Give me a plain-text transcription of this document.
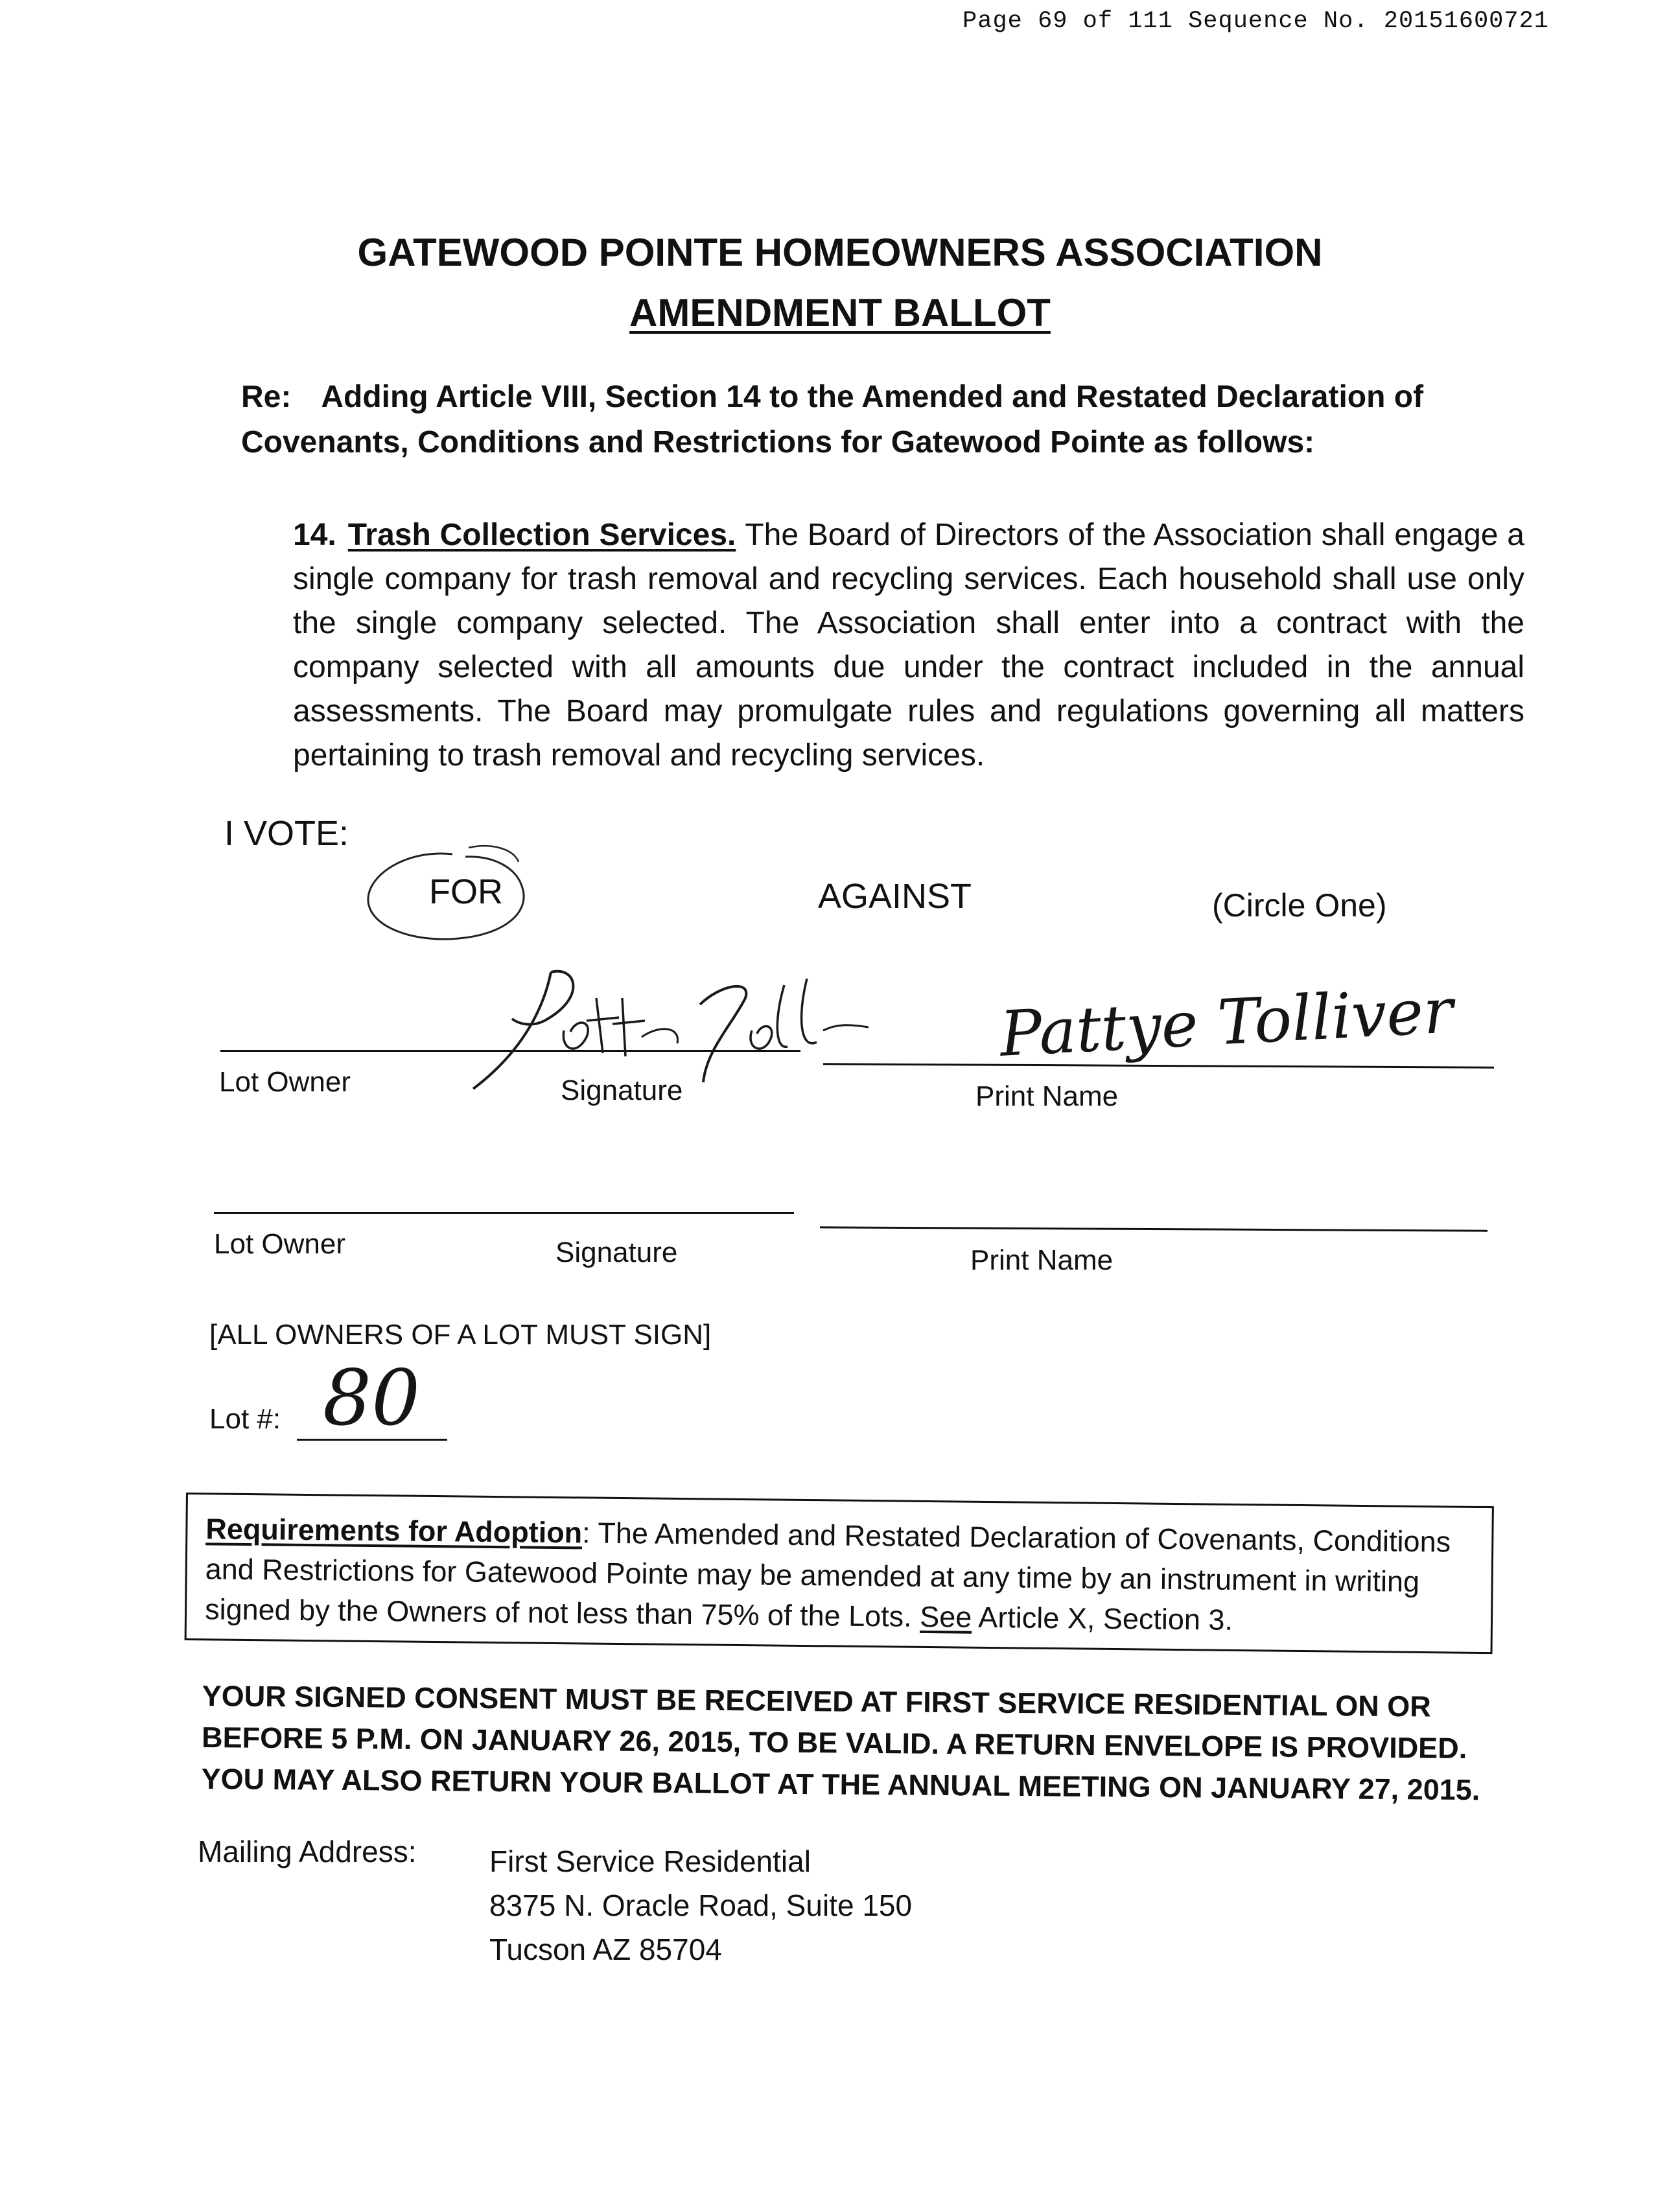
Page 69 of 111 Sequence No. 20151600721
GATEWOOD POINTE HOMEOWNERS ASSOCIATION
AMENDMENT BALLOT
Re: Adding Article VIII, Section 14 to the Amended and Restated Declaration of Covenants, Conditions and Restrictions for Gatewood Pointe as follows:
14. Trash Collection Services. The Board of Directors of the Association shall engage a single company for trash removal and recycling services. Each household shall use only the single company selected. The Association shall enter into a contract with the company selected with all amounts due under the contract included in the annual assessments. The Board may promulgate rules and regulations governing all matters pertaining to trash removal and recycling services.
I VOTE:
FOR	AGAINST	(Circle One)
Lot Owner	Signature	Print Name
Pattye Tolliver
Lot Owner	Signature	Print Name
[ALL OWNERS OF A LOT MUST SIGN]
Lot #: 80
Requirements for Adoption: The Amended and Restated Declaration of Covenants, Conditions and Restrictions for Gatewood Pointe may be amended at any time by an instrument in writing signed by the Owners of not less than 75% of the Lots. See Article X, Section 3.
YOUR SIGNED CONSENT MUST BE RECEIVED AT FIRST SERVICE RESIDENTIAL ON OR BEFORE 5 P.M. ON JANUARY 26, 2015, TO BE VALID. A RETURN ENVELOPE IS PROVIDED. YOU MAY ALSO RETURN YOUR BALLOT AT THE ANNUAL MEETING ON JANUARY 27, 2015.
Mailing Address: First Service Residential
8375 N. Oracle Road, Suite 150
Tucson AZ 85704
